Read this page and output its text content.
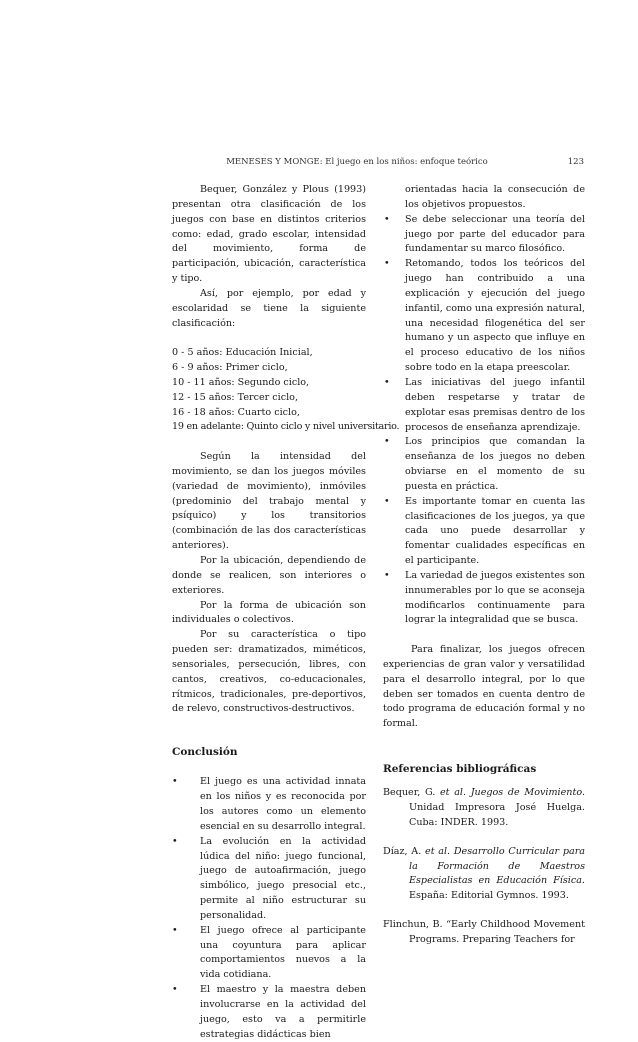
MENESES Y MONGE: El juego en los niños: enfoque teórico	123

Bequer, González y Plous (1993) presentan otra clasificación de los juegos con base en distintos criterios como: edad, grado escolar, intensidad del movimiento, forma de participación, ubicación, característica y tipo.

Así, por ejemplo, por edad y escolaridad se tiene la siguiente clasificación:

0 - 5 años: Educación Inicial,
6 - 9 años: Primer ciclo,
10 - 11 años: Segundo ciclo,
12 - 15 años: Tercer ciclo,
16 - 18 años: Cuarto ciclo,
19 en adelante: Quinto ciclo y nivel universitario.

Según la intensidad del movimiento, se dan los juegos móviles (variedad de movimiento), inmóviles (predominio del trabajo mental y psíquico) y los transitorios (combinación de las dos características anteriores).

Por la ubicación, dependiendo de donde se realicen, son interiores o exteriores.

Por la forma de ubicación son individuales o colectivos.

Por su característica o tipo pueden ser: dramatizados, miméticos, sensoriales, persecución, libres, con cantos, creativos, co-educacionales, rítmicos, tradicionales, pre-deportivos, de relevo, constructivos-destructivos.

Conclusión
• El juego es una actividad innata en los niños y es reconocida por los autores como un elemento esencial en su desarrollo integral.
• La evolución en la actividad lúdica del niño: juego funcional, juego de autoafirmación, juego simbólico, juego presocial etc., permite al niño estructurar su personalidad.
• El juego ofrece al participante una coyuntura para aplicar comportamientos nuevos a la vida cotidiana.
• El maestro y la maestra deben involucrarse en la actividad del juego, esto va a permitirle estrategias didácticas bien

orientadas hacia la consecución de los objetivos propuestos.

• Se debe seleccionar una teoría del juego por parte del educador para fundamentar su marco filosófico.
• Retomando, todos los teóricos del juego han contribuido a una explicación y ejecución del juego infantil, como una expresión natural, una necesidad filogenética del ser humano y un aspecto que influye en el proceso educativo de los niños sobre todo en la etapa preescolar.
• Las iniciativas del juego infantil deben respetarse y tratar de explotar esas premisas dentro de los procesos de enseñanza aprendizaje.
• Los principios que comandan la enseñanza de los juegos no deben obviarse en el momento de su puesta en práctica.
• Es importante tomar en cuenta las clasificaciones de los juegos, ya que cada uno puede desarrollar y fomentar cualidades específicas en el participante.
• La variedad de juegos existentes son innumerables por lo que se aconseja modificarlos continuamente para lograr la integralidad que se busca.

Para finalizar, los juegos ofrecen experiencias de gran valor y versatilidad para el desarrollo integral, por lo que deben ser tomados en cuenta dentro de todo programa de educación formal y no formal.

Referencias bibliográficas

Bequer, G. et al. Juegos de Movimiento. Unidad Impresora José Huelga. Cuba: INDER. 1993.

Díaz, A. et al. Desarrollo Curricular para la Formación de Maestros Especialistas en Educación Física. España: Editorial Gymnos. 1993.

Flinchun, B. “Early Childhood Movement Programs. Preparing Teachers for
